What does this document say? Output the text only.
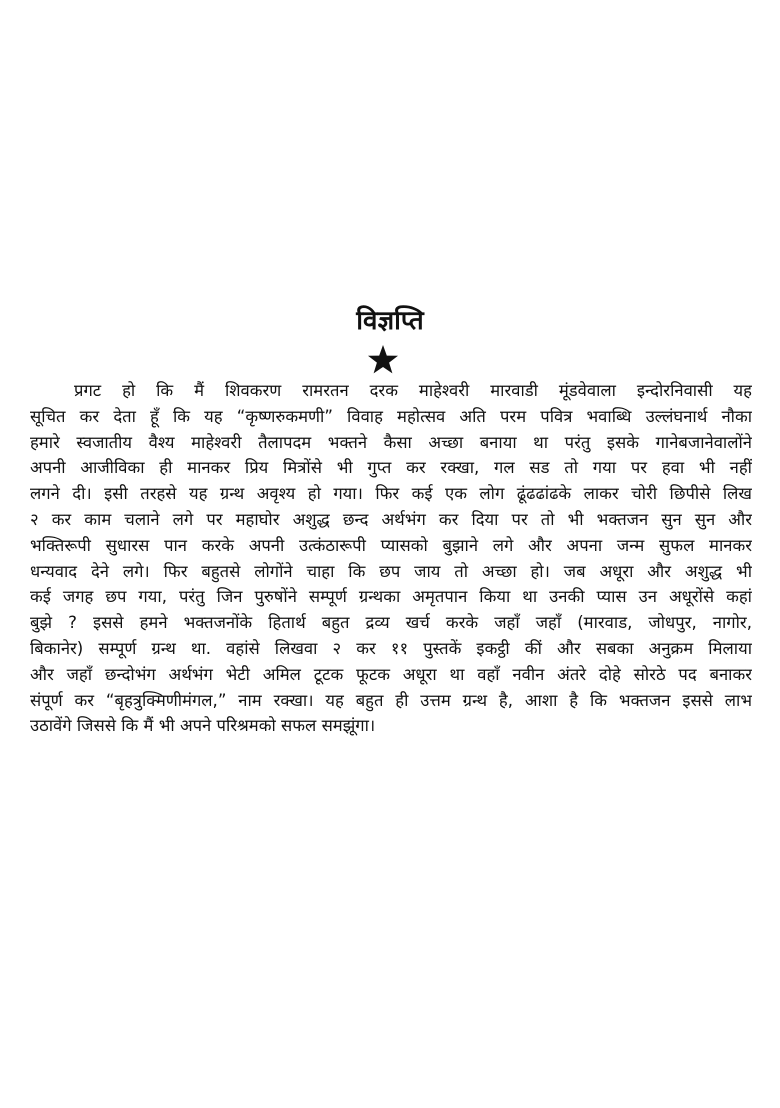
विज्ञप्ति
प्रगट हो कि मैं शिवकरण रामरतन दरक माहेश्वरी मारवाडी मूंडवेवाला इन्दोरनिवासी यह
सूचित कर देता हूँ कि यह “कृष्णरुकमणी” विवाह महोत्सव अति परम पवित्र भवाब्धि उल्लंघनार्थ नौका
हमारे स्वजातीय वैश्य माहेश्वरी तैलापदम भक्तने कैसा अच्छा बनाया था परंतु इसके गानेबजानेवालोंने
अपनी आजीविका ही मानकर प्रिय मित्रोंसे भी गुप्त कर रक्खा, गल सड तो गया पर हवा भी नहीं
लगने दी। इसी तरहसे यह ग्रन्थ अवृश्य हो गया। फिर कई एक लोग ढूंढढांढके लाकर चोरी छिपीसे लिख
२ कर काम चलाने लगे पर महाघोर अशुद्ध छन्द अर्थभंग कर दिया पर तो भी भक्तजन सुन सुन और
भक्तिरूपी सुधारस पान करके अपनी उत्कंठारूपी प्यासको बुझाने लगे और अपना जन्म सुफल मानकर
धन्यवाद देने लगे। फिर बहुतसे लोगोंने चाहा कि छप जाय तो अच्छा हो। जब अधूरा और अशुद्ध भी
कई जगह छप गया, परंतु जिन पुरुषोंने सम्पूर्ण ग्रन्थका अमृतपान किया था उनकी प्यास उन अधूरोंसे कहां
बुझे ? इससे हमने भक्तजनोंके हितार्थ बहुत द्रव्य खर्च करके जहाँ जहाँ (मारवाड, जोधपुर, नागोर,
बिकानेर) सम्पूर्ण ग्रन्थ था. वहांसे लिखवा २ कर ११ पुस्तकें इकट्ठी कीं और सबका अनुक्रम मिलाया
और जहाँ छन्दोभंग अर्थभंग भेटी अमिल टूटक फूटक अधूरा था वहाँ नवीन अंतरे दोहे सोरठे पद बनाकर
संपूर्ण कर “बृहत्रुक्मिणीमंगल,” नाम रक्खा। यह बहुत ही उत्तम ग्रन्थ है, आशा है कि भक्तजन इससे लाभ
उठावेंगे जिससे कि मैं भी अपने परिश्रमको सफल समझूंगा।
